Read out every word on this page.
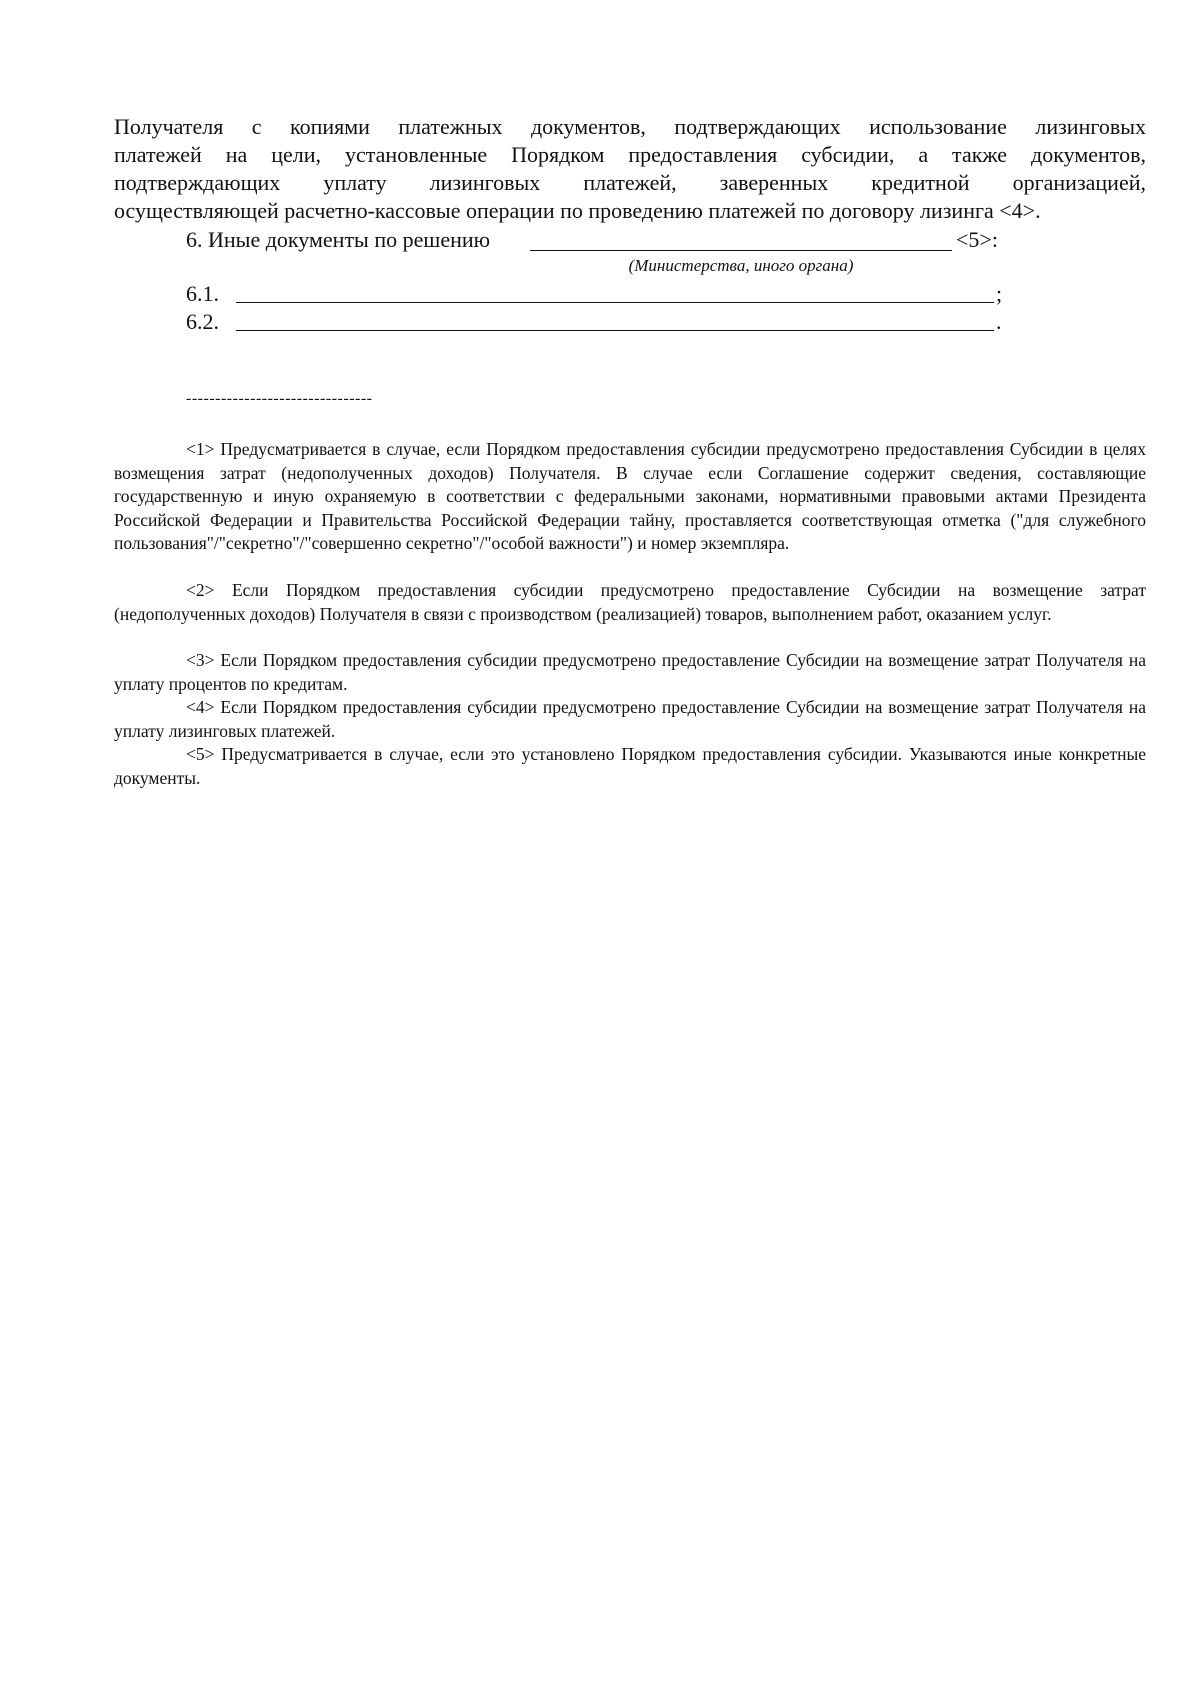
Получателя с копиями платежных документов, подтверждающих использование лизинговых
платежей на цели, установленные Порядком предоставления субсидии, а также документов,
подтверждающих уплату лизинговых платежей, заверенных кредитной организацией,
осуществляющей расчетно-кассовые операции по проведению платежей по договору лизинга <4>.
6. Иные документы по решению	<5>:
(Министерства, иного органа)
6.1.	;
6.2.	.
--------------------------------
<1> Предусматривается в случае, если Порядком предоставления субсидии предусмотрено предоставления Субсидии в целях возмещения затрат (недополученных доходов) Получателя. В случае если Соглашение содержит сведения, составляющие государственную и иную охраняемую в соответствии с федеральными законами, нормативными правовыми актами Президента Российской Федерации и Правительства Российской Федерации тайну, проставляется соответствующая отметка ("для служебного пользования"/"секретно"/"совершенно секретно"/"особой важности") и номер экземпляра.
<2> Если Порядком предоставления субсидии предусмотрено предоставление Субсидии на возмещение затрат (недополученных доходов) Получателя в связи с производством (реализацией) товаров, выполнением работ, оказанием услуг.
<3> Если Порядком предоставления субсидии предусмотрено предоставление Субсидии на возмещение затрат Получателя на уплату процентов по кредитам.
<4> Если Порядком предоставления субсидии предусмотрено предоставление Субсидии на возмещение затрат Получателя на уплату лизинговых платежей.
<5> Предусматривается в случае, если это установлено Порядком предоставления субсидии. Указываются иные конкретные документы.
